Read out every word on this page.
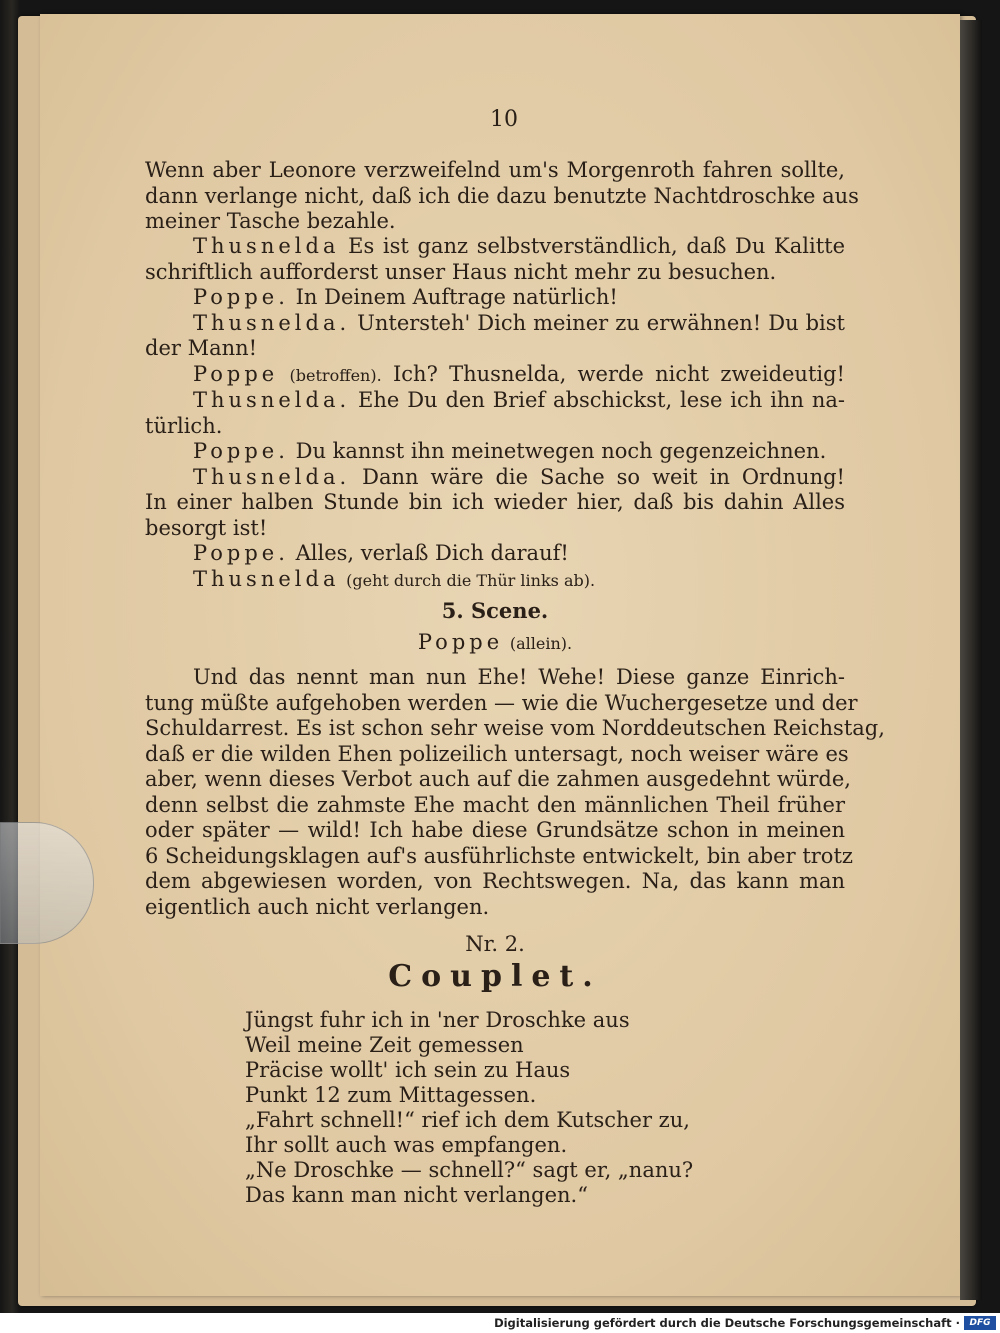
10
Wenn aber Leonore verzweifelnd um's Morgenroth fahren sollte,
dann verlange nicht, daß ich die dazu benutzte Nachtdroschke aus
meiner Tasche bezahle.
Thusnelda Es ist ganz selbstverständlich, daß Du Kalitte
schriftlich aufforderst unser Haus nicht mehr zu besuchen.
Poppe. In Deinem Auftrage natürlich!
Thusnelda. Untersteh' Dich meiner zu erwähnen! Du bist
der Mann!
Poppe (betroffen). Ich? Thusnelda, werde nicht zweideutig!
Thusnelda. Ehe Du den Brief abschickst, lese ich ihn na-
türlich.
Poppe. Du kannst ihn meinetwegen noch gegenzeichnen.
Thusnelda. Dann wäre die Sache so weit in Ordnung!
In einer halben Stunde bin ich wieder hier, daß bis dahin Alles
besorgt ist!
Poppe. Alles, verlaß Dich darauf!
Thusnelda (geht durch die Thür links ab).
5. Scene.
Poppe (allein).
Und das nennt man nun Ehe! Wehe! Diese ganze Einrich-
tung müßte aufgehoben werden — wie die Wuchergesetze und der
Schuldarrest. Es ist schon sehr weise vom Norddeutschen Reichstag,
daß er die wilden Ehen polizeilich untersagt, noch weiser wäre es
aber, wenn dieses Verbot auch auf die zahmen ausgedehnt würde,
denn selbst die zahmste Ehe macht den männlichen Theil früher
oder später — wild! Ich habe diese Grundsätze schon in meinen
6 Scheidungsklagen auf's ausführlichste entwickelt, bin aber trotz
dem abgewiesen worden, von Rechtswegen. Na, das kann man
eigentlich auch nicht verlangen.
Nr. 2.
Couplet.
Jüngst fuhr ich in 'ner Droschke aus
Weil meine Zeit gemessen
Präcise wollt' ich sein zu Haus
Punkt 12 zum Mittagessen.
„Fahrt schnell!“ rief ich dem Kutscher zu,
Ihr sollt auch was empfangen.
„Ne Droschke — schnell?“ sagt er, „nanu?
Das kann man nicht verlangen.“
Digitalisierung gefördert durch die Deutsche Forschungsgemeinschaft ·	DFG
